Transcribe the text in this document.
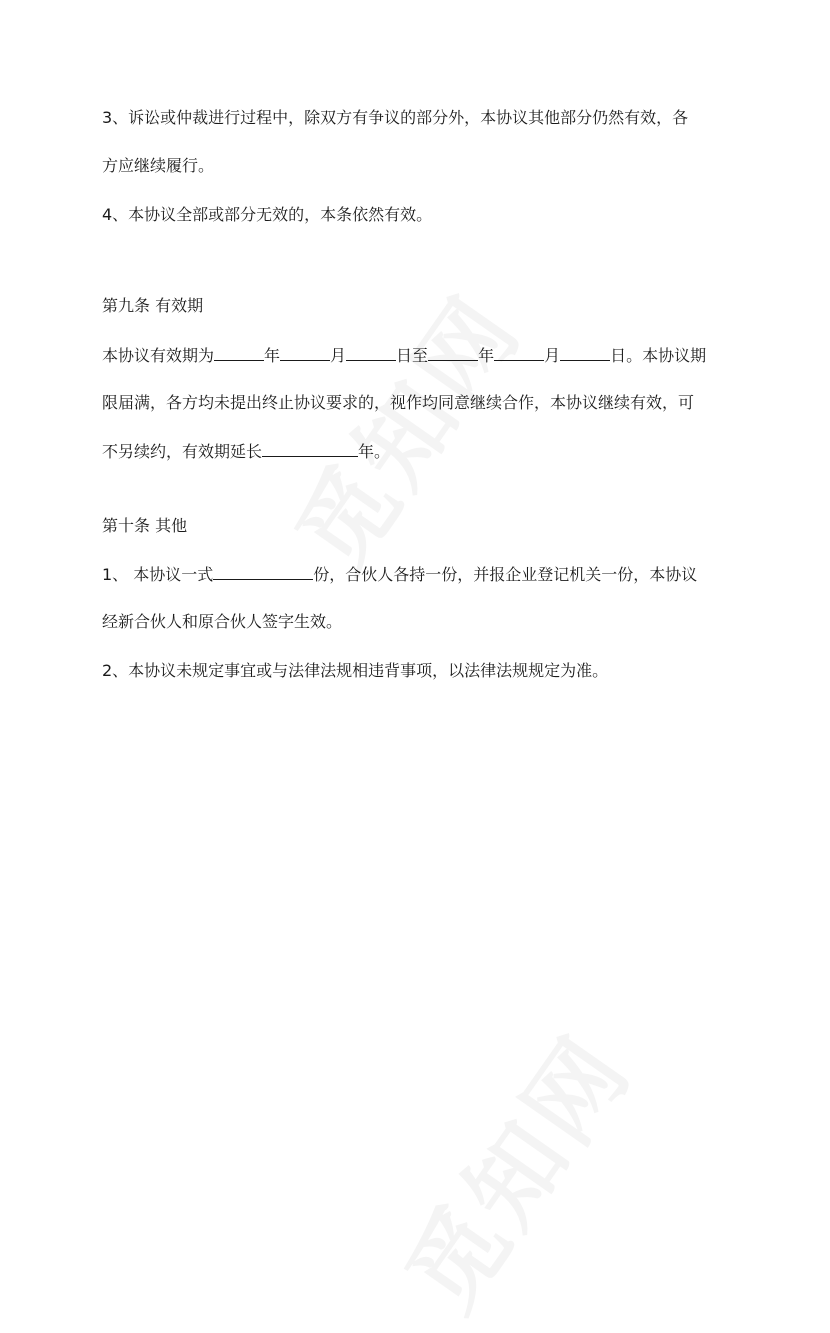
3、诉讼或仲裁进行过程中，除双方有争议的部分外，本协议其他部分仍然有效，各
方应继续履行。
4、本协议全部或部分无效的，本条依然有效。
第九条 有效期
本协议有效期为	年	月	日至	年	月	日。本协议期
限届满，各方均未提出终止协议要求的，视作均同意继续合作，本协议继续有效，可
不另续约，有效期延长	年。
第十条 其他
1、 本协议一式	份，合伙人各持一份，并报企业登记机关一份，本协议
经新合伙人和原合伙人签字生效。
2、本协议未规定事宜或与法律法规相违背事项，以法律法规规定为准。
